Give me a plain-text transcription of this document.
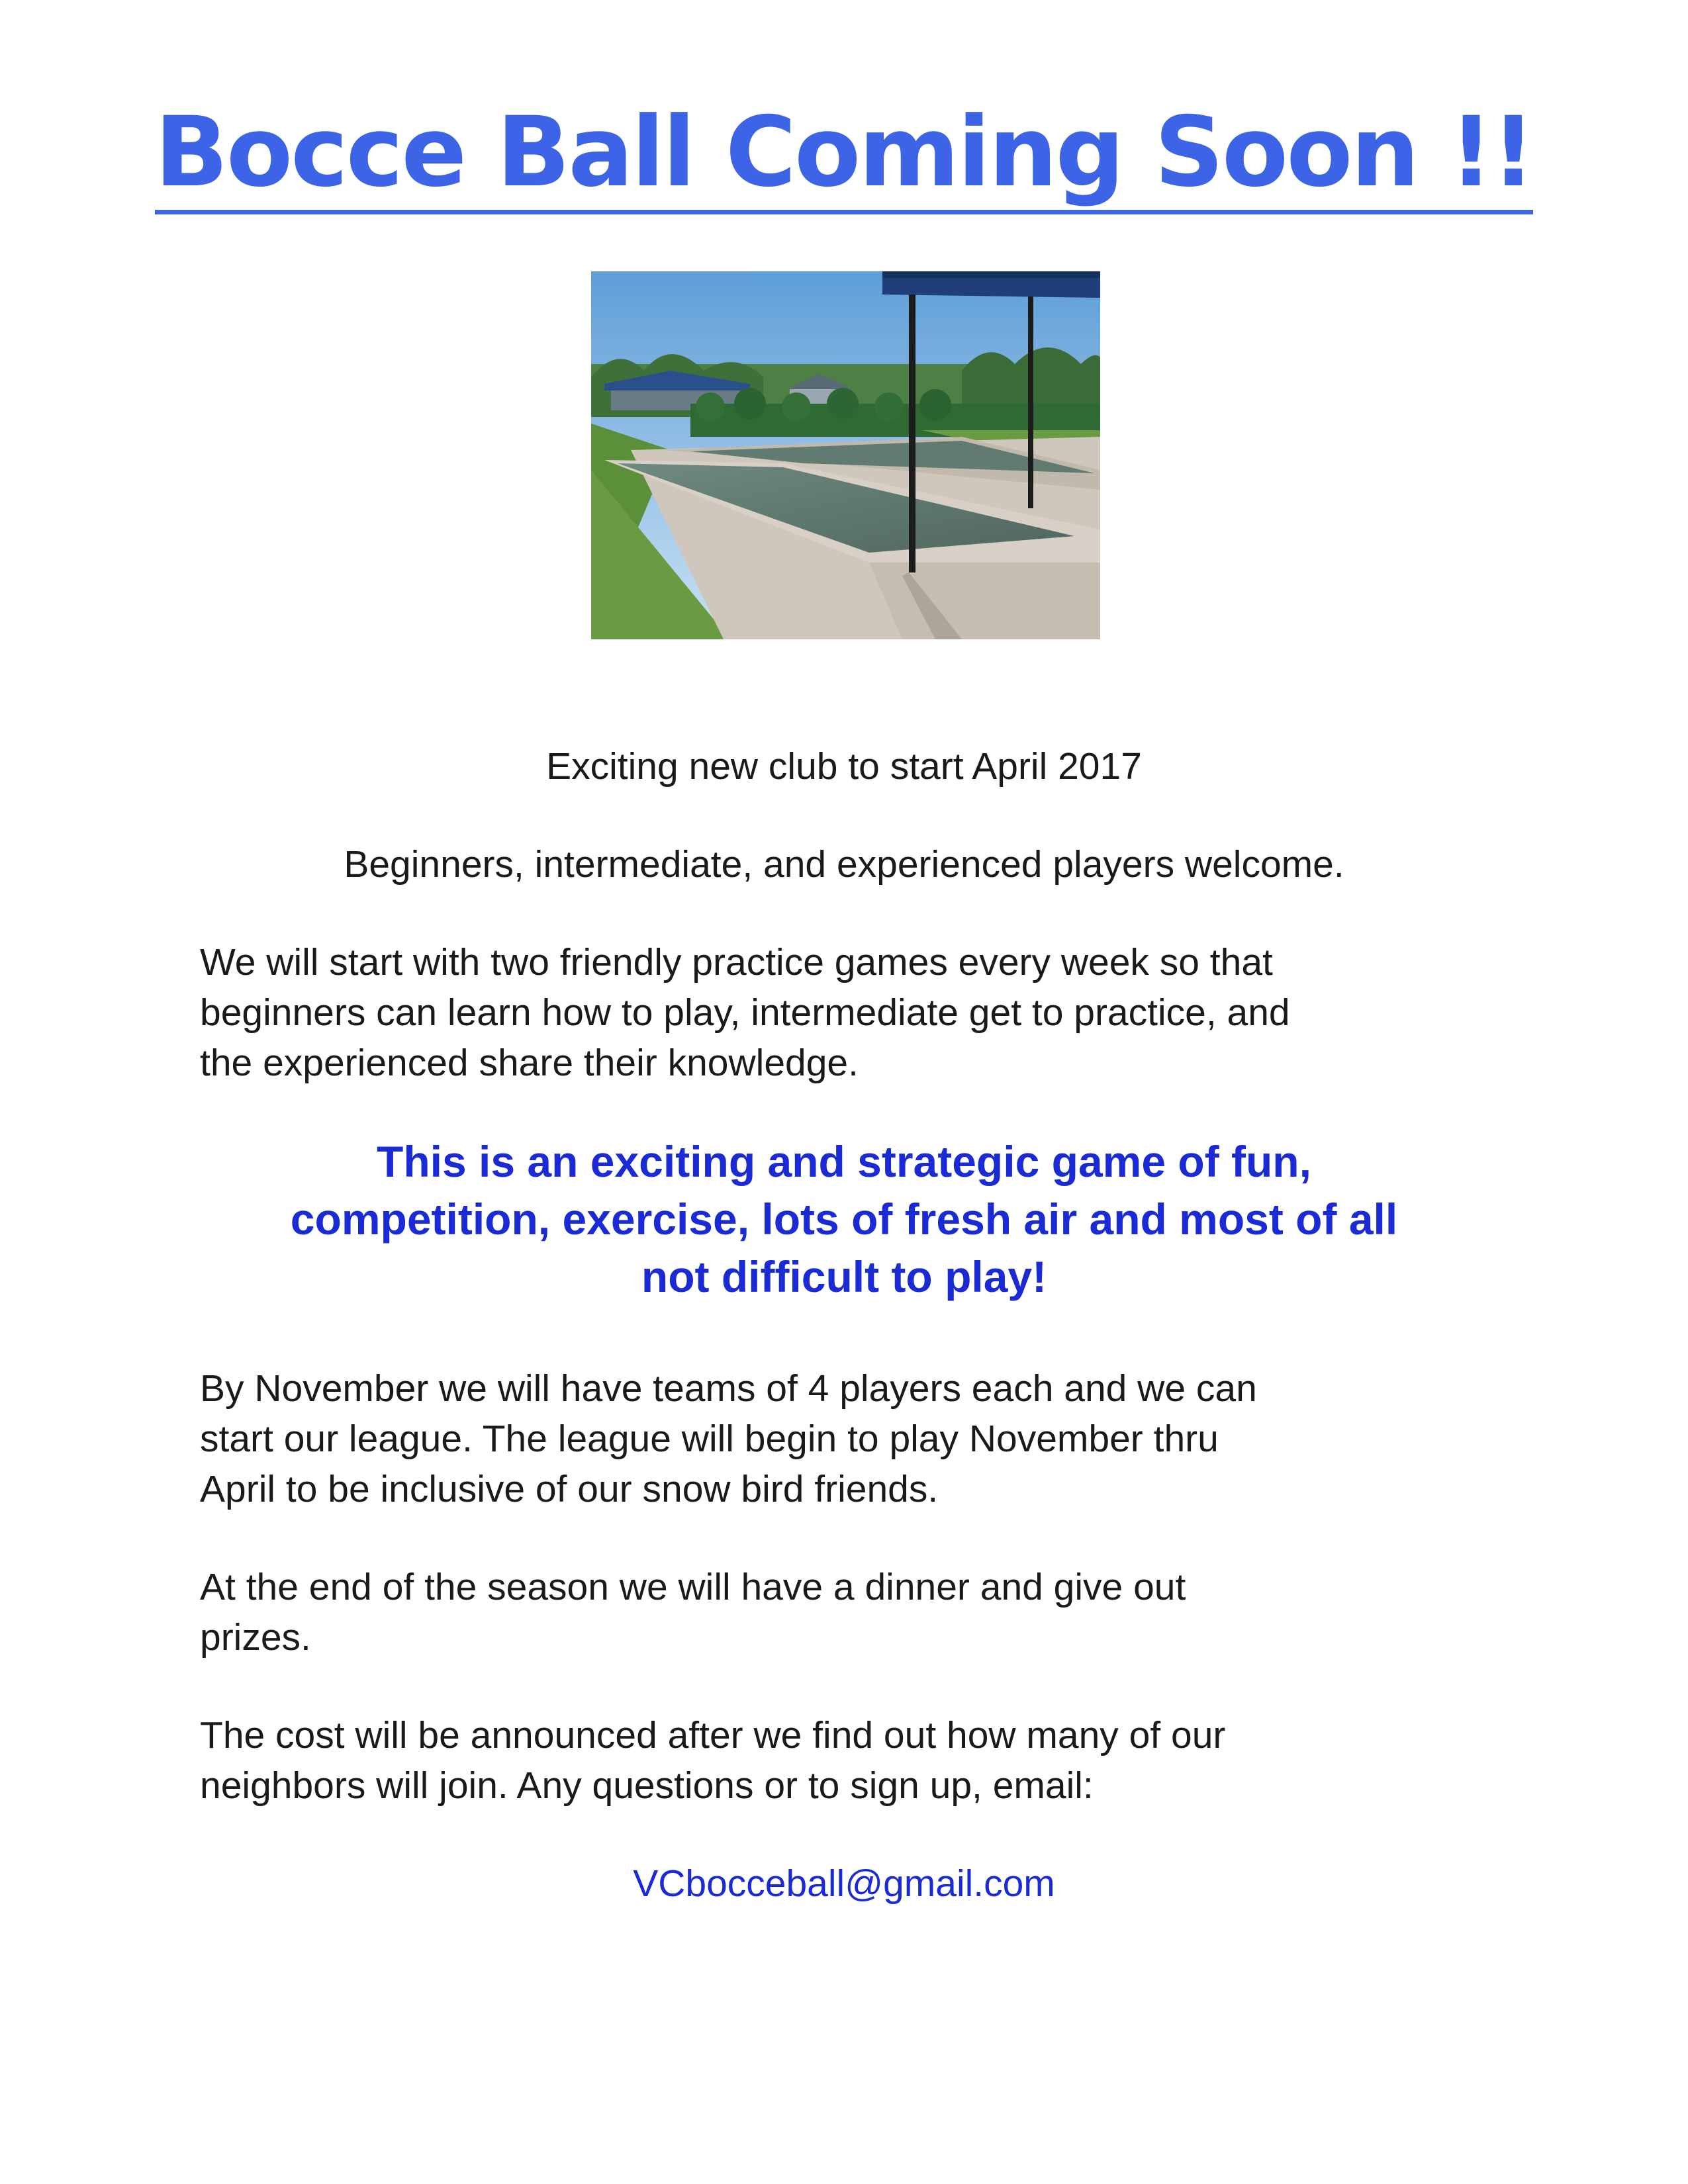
Bocce Ball Coming Soon !!
Exciting new club to start April 2017
Beginners, intermediate, and experienced players welcome.
We will start with two friendly practice games every week so that
beginners can learn how to play, intermediate get to practice, and
the experienced share their knowledge.
This is an exciting and strategic game of fun,
competition, exercise, lots of fresh air and most of all
not difficult to play!
By November we will have teams of 4 players each and we can
start our league. The league will begin to play November thru
April to be inclusive of our snow bird friends.
At the end of the season we will have a dinner and give out
prizes.
The cost will be announced after we find out how many of our
neighbors will join. Any questions or to sign up, email:
VCbocceball@gmail.com
